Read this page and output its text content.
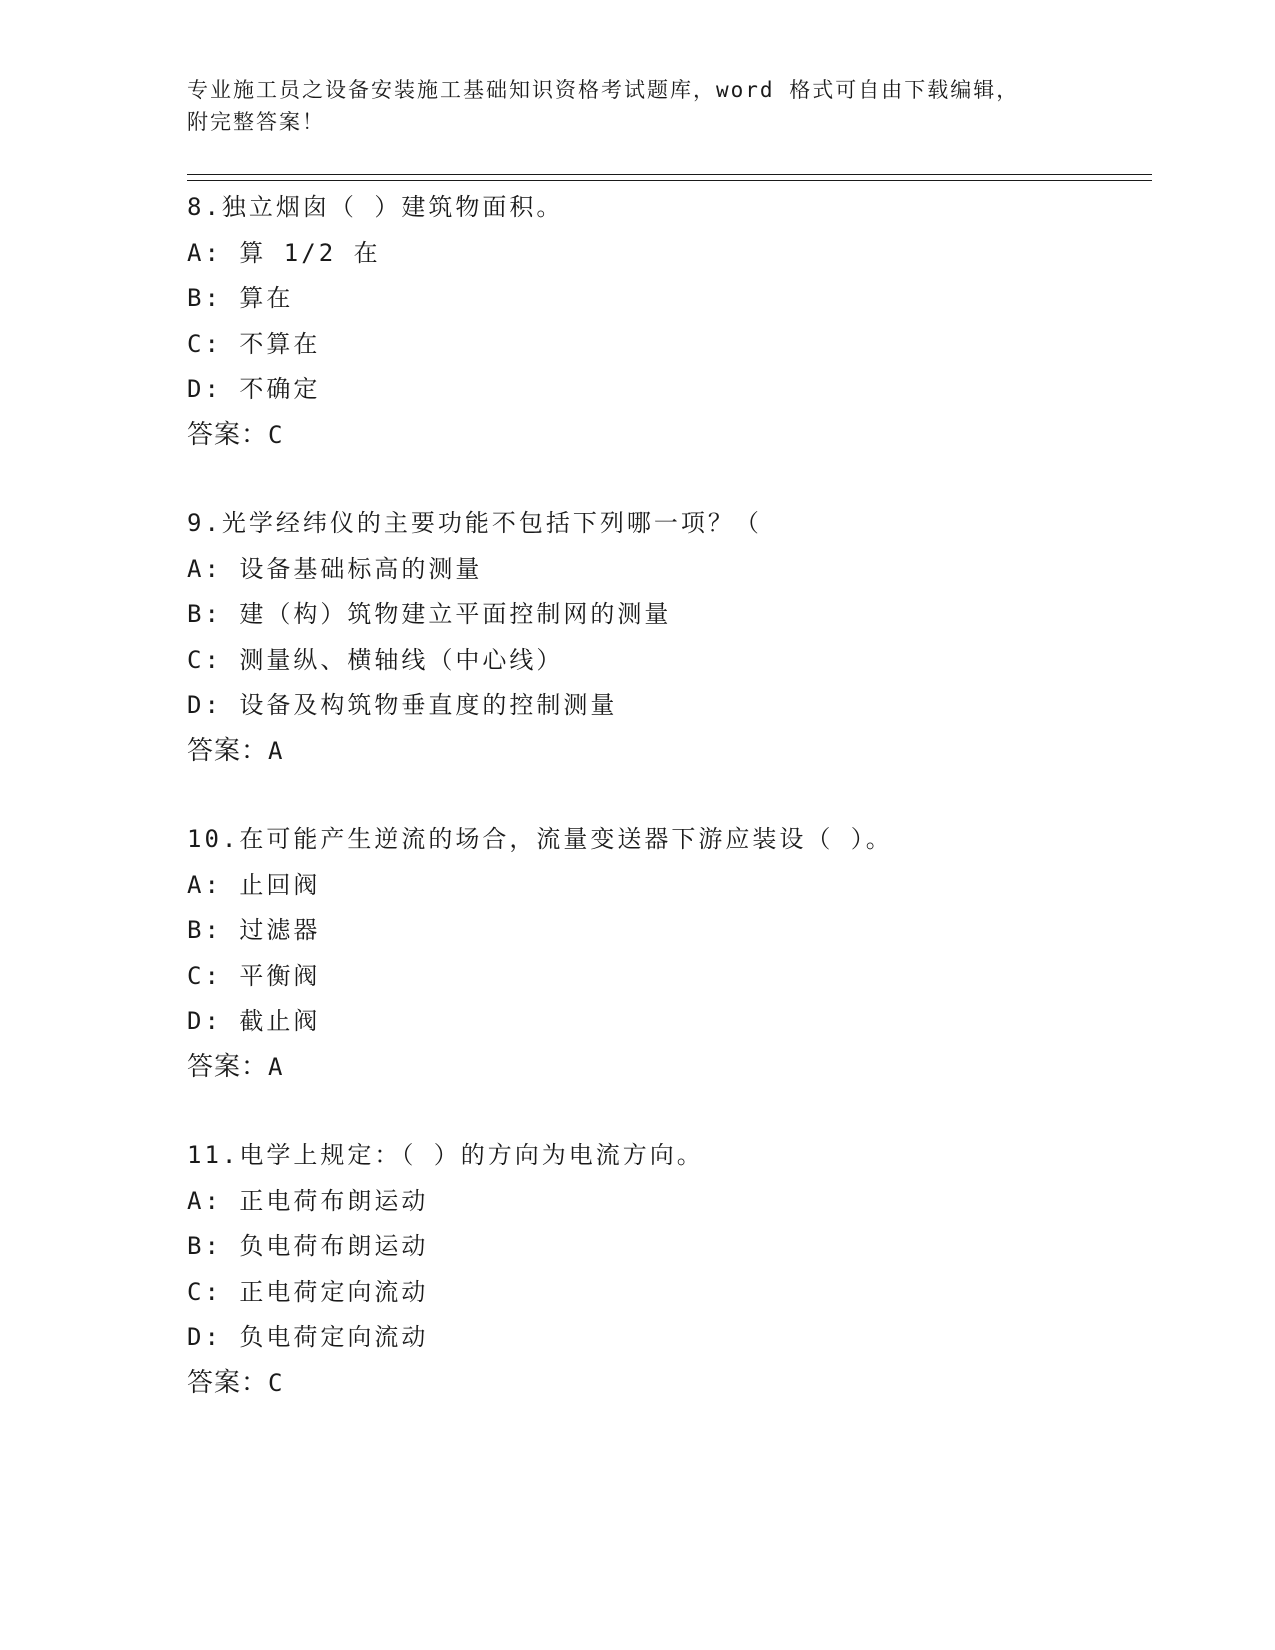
专业施工员之设备安装施工基础知识资格考试题库，word 格式可自由下载编辑，
附完整答案！
8.独立烟囱（ ）建筑物面积。
A: 算 1/2 在
B: 算在
C: 不算在
D: 不确定
答案：C
9.光学经纬仪的主要功能不包括下列哪一项？（
A: 设备基础标高的测量
B: 建（构）筑物建立平面控制网的测量
C: 测量纵、横轴线（中心线）
D: 设备及构筑物垂直度的控制测量
答案：A
10.在可能产生逆流的场合，流量变送器下游应装设（ ）。
A: 止回阀
B: 过滤器
C: 平衡阀
D: 截止阀
答案：A
11.电学上规定：（ ）的方向为电流方向。
A: 正电荷布朗运动
B: 负电荷布朗运动
C: 正电荷定向流动
D: 负电荷定向流动
答案：C
